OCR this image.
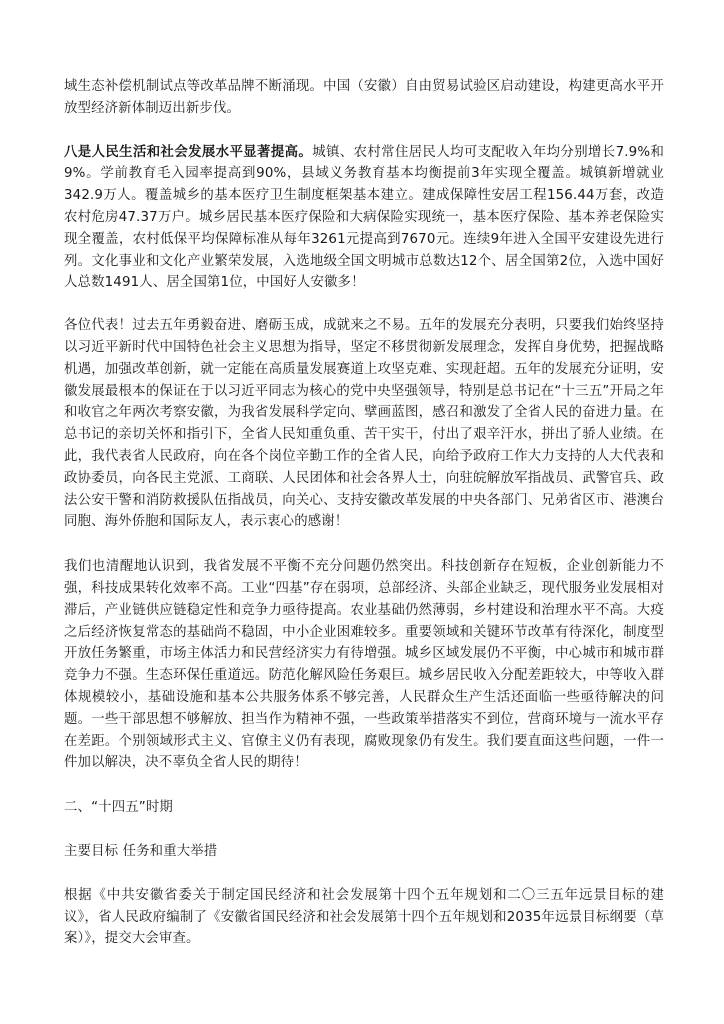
域生态补偿机制试点等改革品牌不断涌现。中国（安徽）自由贸易试验区启动建设，构建更高水平开放型经济新体制迈出新步伐。

八是人民生活和社会发展水平显著提高。城镇、农村常住居民人均可支配收入年均分别增长7.9%和9%。学前教育毛入园率提高到90%，县域义务教育基本均衡提前3年实现全覆盖。城镇新增就业342.9万人。覆盖城乡的基本医疗卫生制度框架基本建立。建成保障性安居工程156.44万套，改造农村危房47.37万户。城乡居民基本医疗保险和大病保险实现统一，基本医疗保险、基本养老保险实现全覆盖，农村低保平均保障标准从每年3261元提高到7670元。连续9年进入全国平安建设先进行列。文化事业和文化产业繁荣发展，入选地级全国文明城市总数达12个、居全国第2位，入选中国好人总数1491人、居全国第1位，中国好人安徽多！

各位代表！过去五年勇毅奋进、磨砺玉成，成就来之不易。五年的发展充分表明，只要我们始终坚持以习近平新时代中国特色社会主义思想为指导，坚定不移贯彻新发展理念，发挥自身优势，把握战略机遇，加强改革创新，就一定能在高质量发展赛道上攻坚克难、实现赶超。五年的发展充分证明，安徽发展最根本的保证在于以习近平同志为核心的党中央坚强领导，特别是总书记在“十三五”开局之年和收官之年两次考察安徽，为我省发展科学定向、擘画蓝图，感召和激发了全省人民的奋进力量。在总书记的亲切关怀和指引下，全省人民知重负重、苦干实干，付出了艰辛汗水，拼出了骄人业绩。在此，我代表省人民政府，向在各个岗位辛勤工作的全省人民，向给予政府工作大力支持的人大代表和政协委员，向各民主党派、工商联、人民团体和社会各界人士，向驻皖解放军指战员、武警官兵、政法公安干警和消防救援队伍指战员，向关心、支持安徽改革发展的中央各部门、兄弟省区市、港澳台同胞、海外侨胞和国际友人，表示衷心的感谢！

我们也清醒地认识到，我省发展不平衡不充分问题仍然突出。科技创新存在短板，企业创新能力不强，科技成果转化效率不高。工业“四基”存在弱项，总部经济、头部企业缺乏，现代服务业发展相对滞后，产业链供应链稳定性和竞争力亟待提高。农业基础仍然薄弱，乡村建设和治理水平不高。大疫之后经济恢复常态的基础尚不稳固，中小企业困难较多。重要领域和关键环节改革有待深化，制度型开放任务繁重，市场主体活力和民营经济实力有待增强。城乡区域发展仍不平衡，中心城市和城市群竞争力不强。生态环保任重道远。防范化解风险任务艰巨。城乡居民收入分配差距较大，中等收入群体规模较小，基础设施和基本公共服务体系不够完善，人民群众生产生活还面临一些亟待解决的问题。一些干部思想不够解放、担当作为精神不强，一些政策举措落实不到位，营商环境与一流水平存在差距。个别领域形式主义、官僚主义仍有表现，腐败现象仍有发生。我们要直面这些问题，一件一件加以解决，决不辜负全省人民的期待！

二、“十四五”时期

主要目标 任务和重大举措

根据《中共安徽省委关于制定国民经济和社会发展第十四个五年规划和二〇三五年远景目标的建议》，省人民政府编制了《安徽省国民经济和社会发展第十四个五年规划和2035年远景目标纲要（草案）》，提交大会审查。
